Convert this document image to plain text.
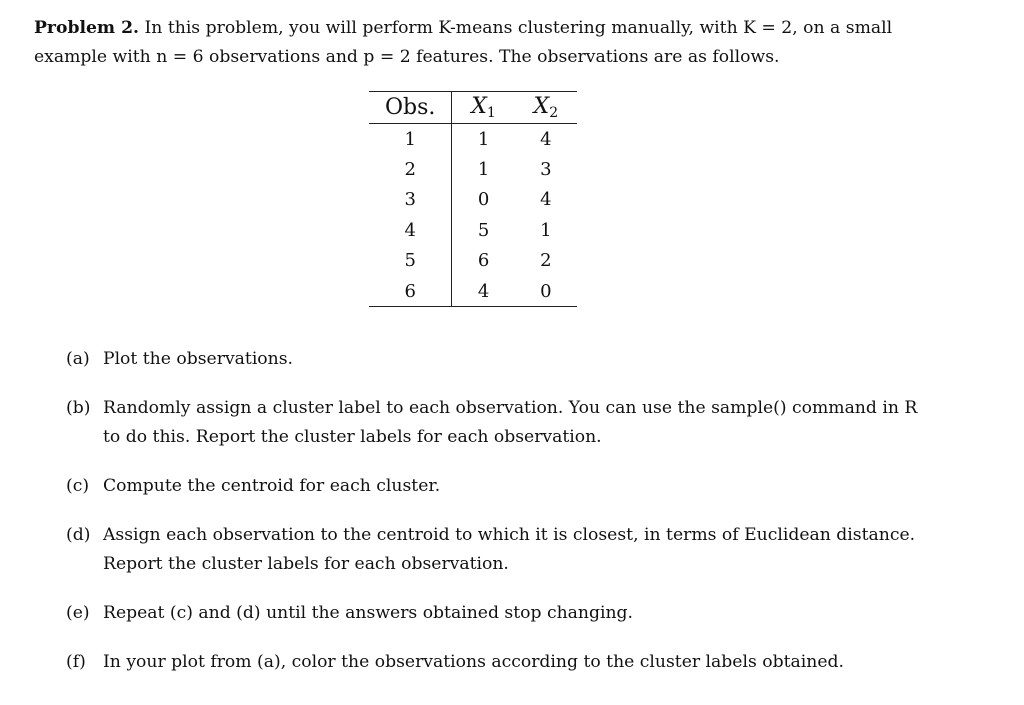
Problem 2. In this problem, you will perform K-means clustering manually, with K = 2, on a small
example with n = 6 observations and p = 2 features. The observations are as follows.
Obs.	$X_1$	$X_2$
1	1	4
2	1	3
3	0	4
4	5	1
5	6	2
6	4	0
(a) Plot the observations.
(b) Randomly assign a cluster label to each observation. You can use the sample() command in R
to do this. Report the cluster labels for each observation.
(c) Compute the centroid for each cluster.
(d) Assign each observation to the centroid to which it is closest, in terms of Euclidean distance.
Report the cluster labels for each observation.
(e) Repeat (c) and (d) until the answers obtained stop changing.
(f) In your plot from (a), color the observations according to the cluster labels obtained.
